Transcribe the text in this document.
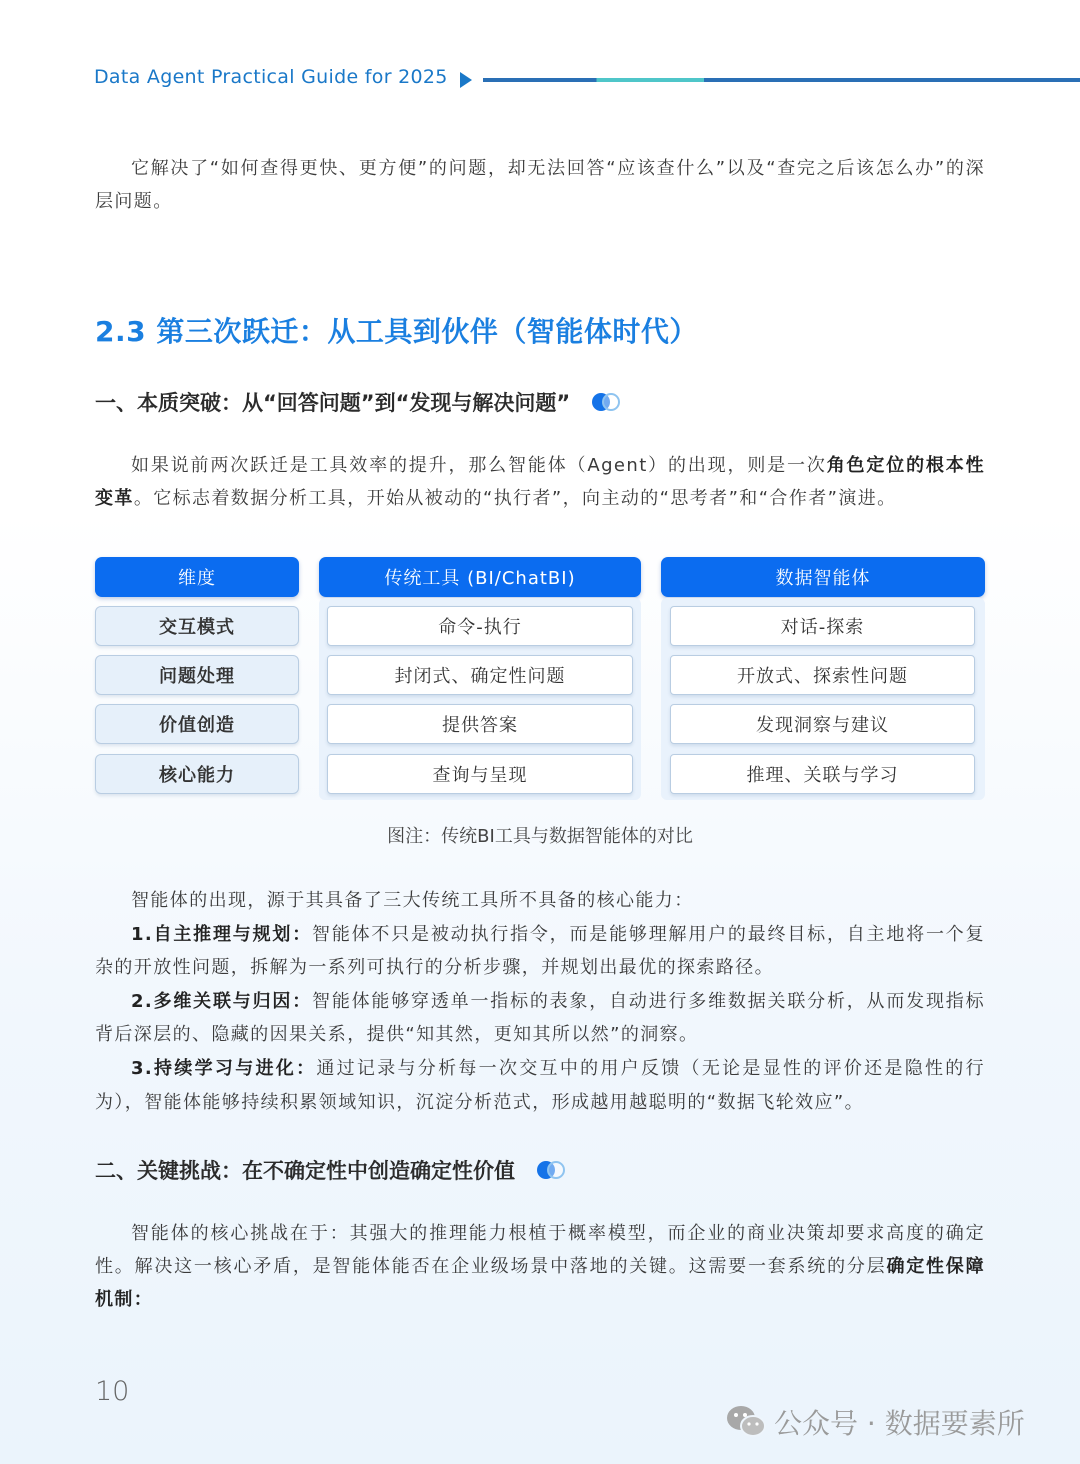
Data Agent Practical Guide for 2025

它解决了“如何查得更快、更方便”的问题，却无法回答“应该查什么”以及“查完之后该怎么办”的深层问题。

2.3 第三次跃迁：从工具到伙伴（智能体时代）
一、本质突破：从“回答问题”到“发现与解决问题”

如果说前两次跃迁是工具效率的提升，那么智能体（Agent）的出现，则是一次角色定位的根本性变革。它标志着数据分析工具，开始从被动的“执行者”，向主动的“思考者”和“合作者”演进。

维度	传统工具 (BI/ChatBI)	数据智能体
交互模式	命令-执行	对话-探索
问题处理	封闭式、确定性问题	开放式、探索性问题
价值创造	提供答案	发现洞察与建议
核心能力	查询与呈现	推理、关联与学习
图注：传统BI工具与数据智能体的对比

智能体的出现，源于其具备了三大传统工具所不具备的核心能力：

1.自主推理与规划：智能体不只是被动执行指令，而是能够理解用户的最终目标，自主地将一个复杂的开放性问题，拆解为一系列可执行的分析步骤，并规划出最优的探索路径。

2.多维关联与归因：智能体能够穿透单一指标的表象，自动进行多维数据关联分析，从而发现指标背后深层的、隐藏的因果关系，提供“知其然，更知其所以然”的洞察。

3.持续学习与进化：通过记录与分析每一次交互中的用户反馈（无论是显性的评价还是隐性的行为），智能体能够持续积累领域知识，沉淀分析范式，形成越用越聪明的“数据飞轮效应”。

二、关键挑战：在不确定性中创造确定性价值

智能体的核心挑战在于：其强大的推理能力根植于概率模型，而企业的商业决策却要求高度的确定性。解决这一核心矛盾，是智能体能否在企业级场景中落地的关键。这需要一套系统的分层确定性保障机制：

10
公众号 · 数据要素所
